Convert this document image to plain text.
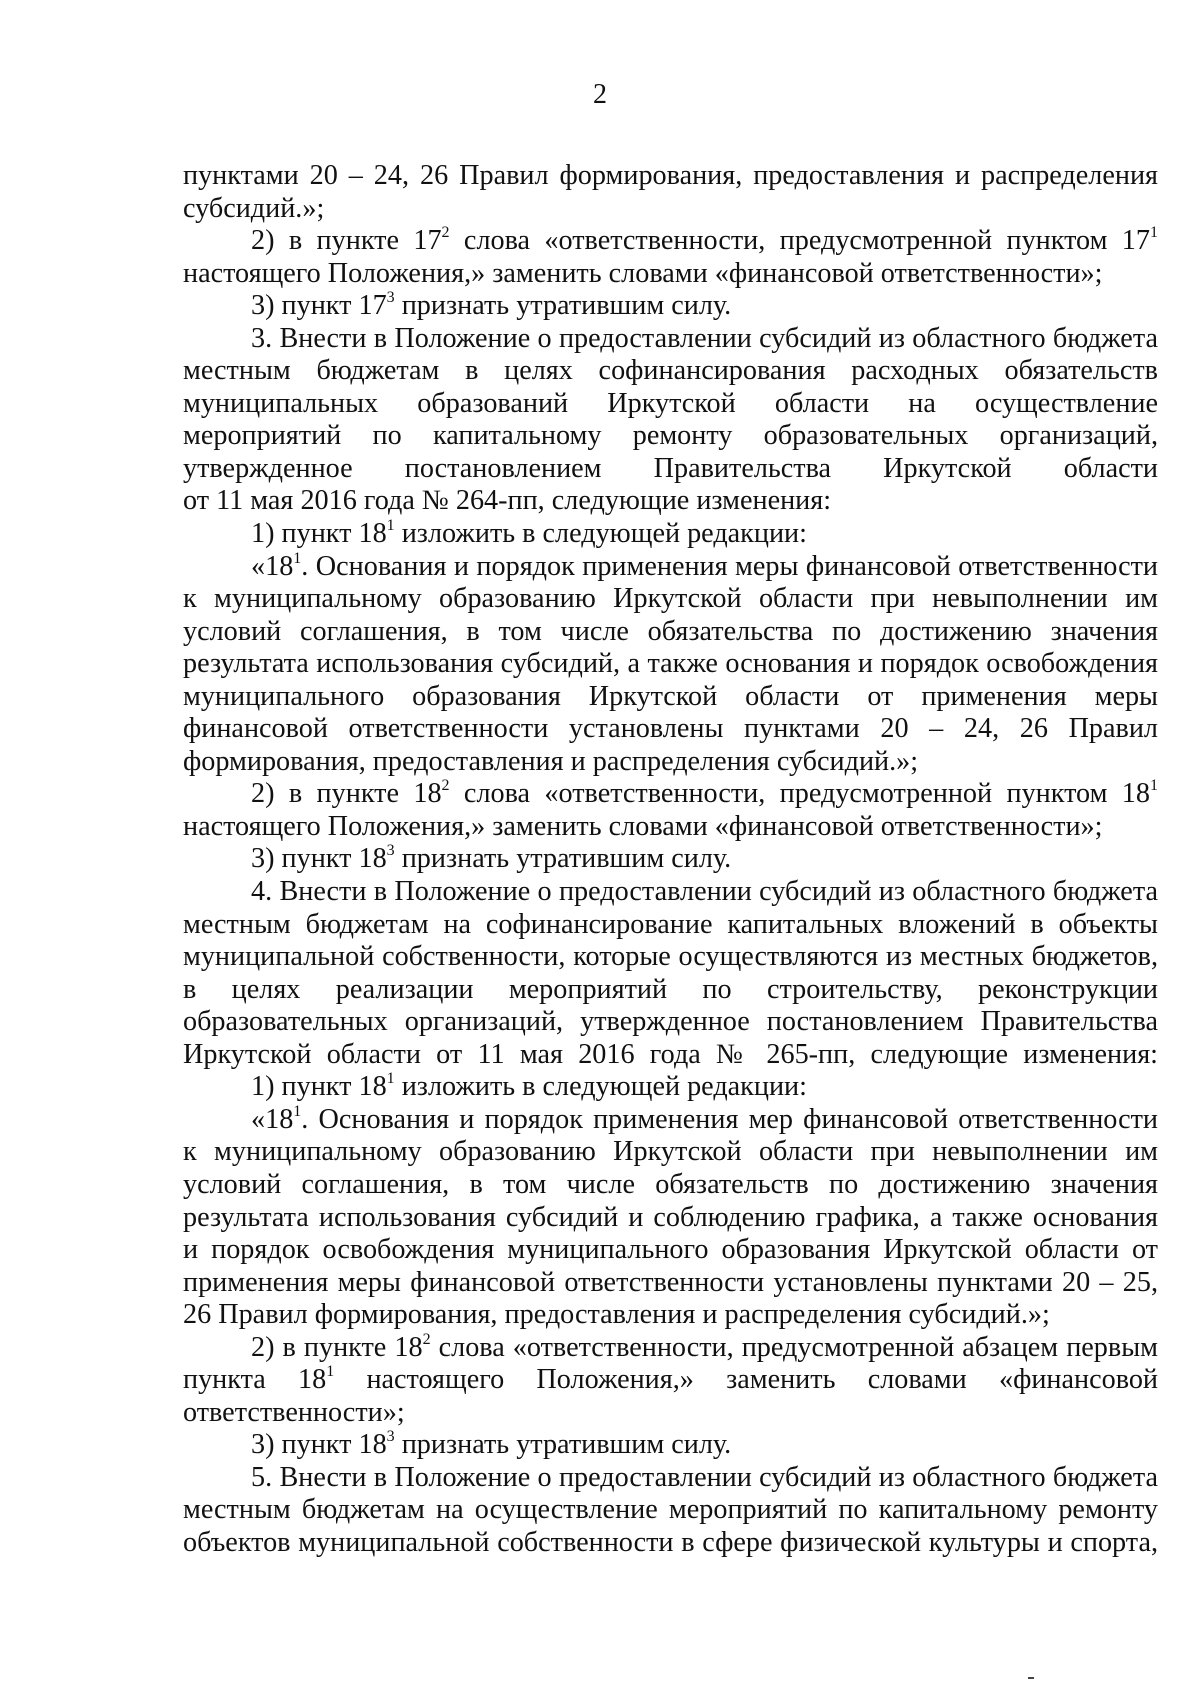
2
пунктами 20 – 24, 26 Правил формирования, предоставления и распределения
субсидий.»;
2) в пункте $17^2$ слова «ответственности, предусмотренной пунктом $17^1$
настоящего Положения,» заменить словами «финансовой ответственности»;
3) пункт $17^3$ признать утратившим силу.
3. Внести в Положение о предоставлении субсидий из областного бюджета
местным бюджетам в целях софинансирования расходных обязательств
муниципальных образований Иркутской области на осуществление
мероприятий по капитальному ремонту образовательных организаций,
утвержденное постановлением Правительства Иркутской области
от 11 мая 2016 года № 264-пп, следующие изменения:
1) пункт $18^1$ изложить в следующей редакции:
«$18^1$. Основания и порядок применения меры финансовой ответственности
к муниципальному образованию Иркутской области при невыполнении им
условий соглашения, в том числе обязательства по достижению значения
результата использования субсидий, а также основания и порядок освобождения
муниципального образования Иркутской области от применения меры
финансовой ответственности установлены пунктами 20 – 24, 26 Правил
формирования, предоставления и распределения субсидий.»;
2) в пункте $18^2$ слова «ответственности, предусмотренной пунктом $18^1$
настоящего Положения,» заменить словами «финансовой ответственности»;
3) пункт $18^3$ признать утратившим силу.
4. Внести в Положение о предоставлении субсидий из областного бюджета
местным бюджетам на софинансирование капитальных вложений в объекты
муниципальной собственности, которые осуществляются из местных бюджетов,
в целях реализации мероприятий по строительству, реконструкции
образовательных организаций, утвержденное постановлением Правительства
Иркутской области от 11 мая 2016 года № 265-пп, следующие изменения:
1) пункт $18^1$ изложить в следующей редакции:
«$18^1$. Основания и порядок применения мер финансовой ответственности
к муниципальному образованию Иркутской области при невыполнении им
условий соглашения, в том числе обязательств по достижению значения
результата использования субсидий и соблюдению графика, а также основания
и порядок освобождения муниципального образования Иркутской области от
применения меры финансовой ответственности установлены пунктами 20 – 25,
26 Правил формирования, предоставления и распределения субсидий.»;
2) в пункте $18^2$ слова «ответственности, предусмотренной абзацем первым
пункта $18^1$ настоящего Положения,» заменить словами «финансовой
ответственности»;
3) пункт $18^3$ признать утратившим силу.
5. Внести в Положение о предоставлении субсидий из областного бюджета
местным бюджетам на осуществление мероприятий по капитальному ремонту
объектов муниципальной собственности в сфере физической культуры и спорта,
